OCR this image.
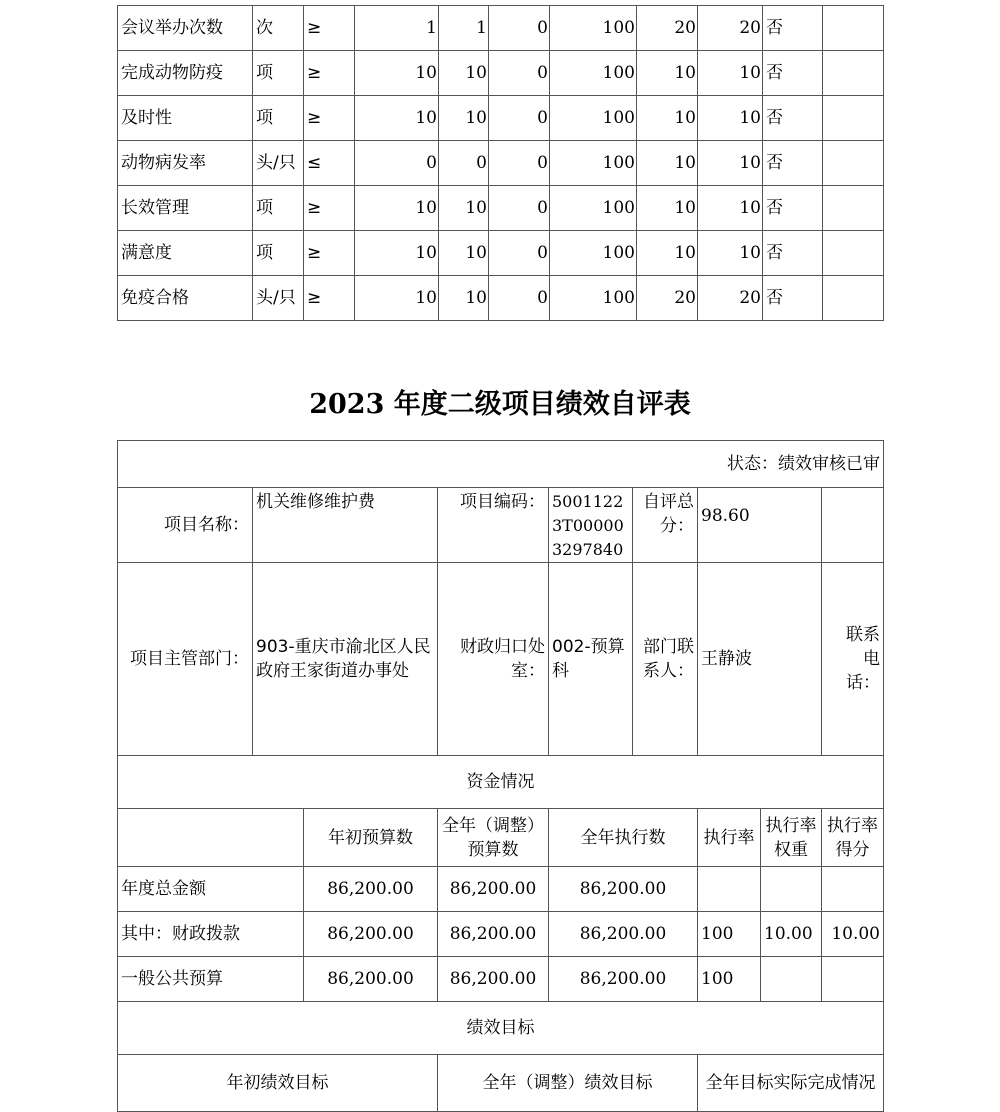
会议举办次数	次	≥	1	1	0	100	20	20	否	
完成动物防疫	项	≥	10	10	0	100	10	10	否	
及时性	项	≥	10	10	0	100	10	10	否	
动物病发率	头/只	≤	0	0	0	100	10	10	否	
长效管理	项	≥	10	10	0	100	10	10	否	
满意度	项	≥	10	10	0	100	10	10	否	
免疫合格	头/只	≥	10	10	0	100	20	20	否	
2023 年度二级项目绩效自评表
状态：绩效审核已审									
项目名称：	机关维修维护费		项目编码：	50011223T000003297840	自评总分：	98.60			
项目主管部门：	903-重庆市渝北区人民政府王家街道办事处		财政归口处室：	002-预算科	部门联系人：	王静波		联系电话：	
资金情况									
		年初预算数	全年（调整）预算数	全年执行数		执行率	执行率权重	执行率得分	
年度总金额		86,200.00	86,200.00	86,200.00					
其中：财政拨款		86,200.00	86,200.00	86,200.00		100	10.00	10.00	
一般公共预算		86,200.00	86,200.00	86,200.00		100			
绩效目标									
年初绩效目标			全年（调整）绩效目标			全年目标实际完成情况			
